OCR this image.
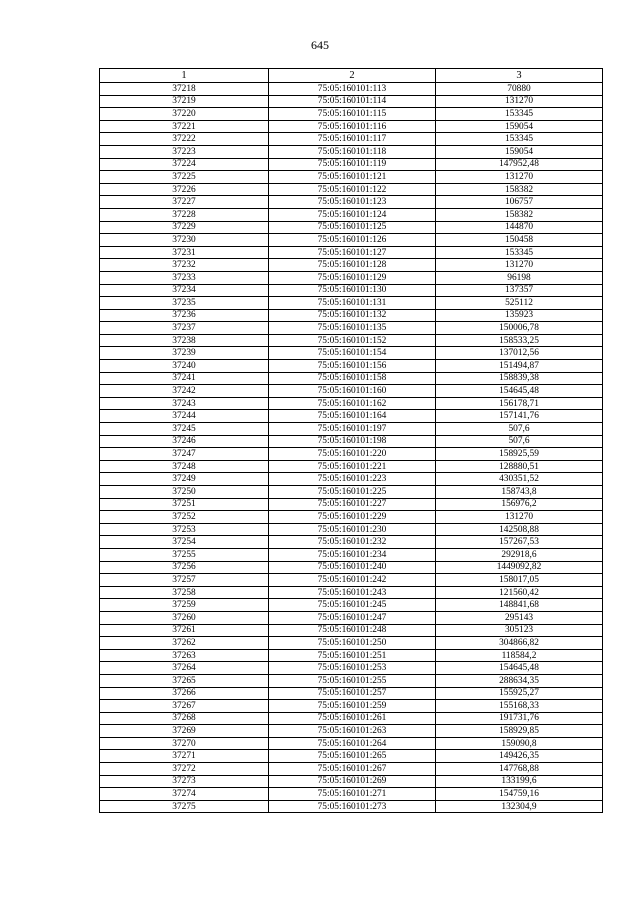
645
1	2	3
37218	75:05:160101:113	70880
37219	75:05:160101:114	131270
37220	75:05:160101:115	153345
37221	75:05:160101:116	159054
37222	75:05:160101:117	153345
37223	75:05:160101:118	159054
37224	75:05:160101:119	147952,48
37225	75:05:160101:121	131270
37226	75:05:160101:122	158382
37227	75:05:160101:123	106757
37228	75:05:160101:124	158382
37229	75:05:160101:125	144870
37230	75:05:160101:126	150458
37231	75:05:160101:127	153345
37232	75:05:160101:128	131270
37233	75:05:160101:129	96198
37234	75:05:160101:130	137357
37235	75:05:160101:131	525112
37236	75:05:160101:132	135923
37237	75:05:160101:135	150006,78
37238	75:05:160101:152	158533,25
37239	75:05:160101:154	137012,56
37240	75:05:160101:156	151494,87
37241	75:05:160101:158	158839,38
37242	75:05:160101:160	154645,48
37243	75:05:160101:162	156178,71
37244	75:05:160101:164	157141,76
37245	75:05:160101:197	507,6
37246	75:05:160101:198	507,6
37247	75:05:160101:220	158925,59
37248	75:05:160101:221	128880,51
37249	75:05:160101:223	430351,52
37250	75:05:160101:225	158743,8
37251	75:05:160101:227	156976,2
37252	75:05:160101:229	131270
37253	75:05:160101:230	142508,88
37254	75:05:160101:232	157267,53
37255	75:05:160101:234	292918,6
37256	75:05:160101:240	1449092,82
37257	75:05:160101:242	158017,05
37258	75:05:160101:243	121560,42
37259	75:05:160101:245	148841,68
37260	75:05:160101:247	295143
37261	75:05:160101:248	305123
37262	75:05:160101:250	304866,82
37263	75:05:160101:251	118584,2
37264	75:05:160101:253	154645,48
37265	75:05:160101:255	288634,35
37266	75:05:160101:257	155925,27
37267	75:05:160101:259	155168,33
37268	75:05:160101:261	191731,76
37269	75:05:160101:263	158929,85
37270	75:05:160101:264	159090,8
37271	75:05:160101:265	149426,35
37272	75:05:160101:267	147768,88
37273	75:05:160101:269	133199,6
37274	75:05:160101:271	154759,16
37275	75:05:160101:273	132304,9
